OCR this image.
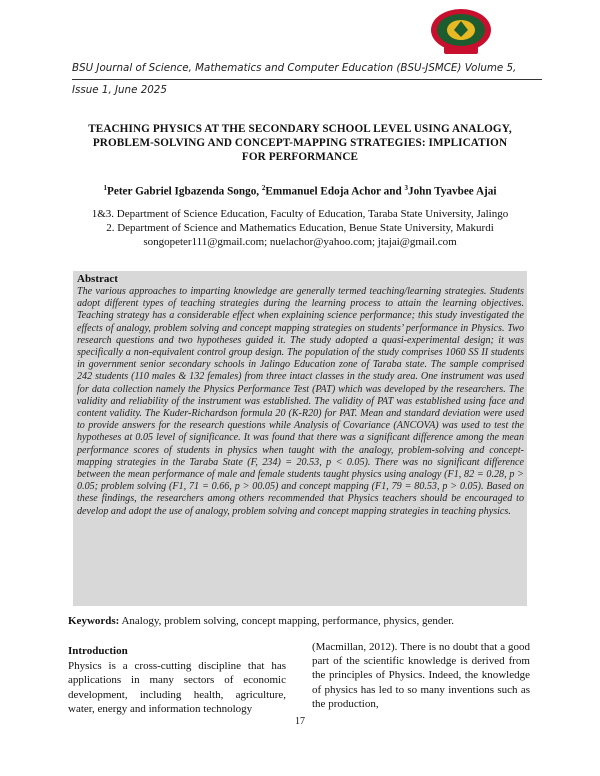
BSU Journal of Science, Mathematics and Computer Education (BSU-JSMCE) Volume 5,
Issue 1, June 2025
TEACHING PHYSICS AT THE SECONDARY SCHOOL LEVEL USING ANALOGY, PROBLEM-SOLVING AND CONCEPT-MAPPING STRATEGIES: IMPLICATION FOR PERFORMANCE
$^1$Peter Gabriel Igbazenda Songo, $^2$Emmanuel Edoja Achor and $^3$John Tyavbee Ajai
1&3. Department of Science Education, Faculty of Education, Taraba State University, Jalingo
2. Department of Science and Mathematics Education, Benue State University, Makurdi
songopeter111@gmail.com; nuelachor@yahoo.com; jtajai@gmail.com
Abstract

The various approaches to imparting knowledge are generally termed teaching/learning strategies. Students adopt different types of teaching strategies during the learning process to attain the learning objectives. Teaching strategy has a considerable effect when explaining science performance; this study investigated the effects of analogy, problem solving and concept mapping strategies on students’ performance in Physics. Two research questions and two hypotheses guided it. The study adopted a quasi-experimental design; it was specifically a non-equivalent control group design. The population of the study comprises 1060 SS II students in government senior secondary schools in Jalingo Education zone of Taraba state. The sample comprised 242 students (110 males & 132 females) from three intact classes in the study area. One instrument was used for data collection namely the Physics Performance Test (PAT) which was developed by the researchers. The validity and reliability of the instrument was established. The validity of PAT was established using face and content validity. The Kuder-Richardson formula 20 (K-R20) for PAT. Mean and standard deviation were used to provide answers for the research questions while Analysis of Covariance (ANCOVA) was used to test the hypotheses at 0.05 level of significance. It was found that there was a significant difference among the mean performance scores of students in physics when taught with the analogy, problem-solving and concept-mapping strategies in the Taraba State (F, 234) = 20.53, p < 0.05). There was no significant difference between the mean performance of male and female students taught physics using analogy (F1, 82 = 0.28, p > 0.05; problem solving (F1, 71 = 0.66, p > 00.05) and concept mapping (F1, 79 = 80.53, p > 0.05). Based on these findings, the researchers among others recommended that Physics teachers should be encouraged to develop and adopt the use of analogy, problem solving and concept mapping strategies in teaching physics.

Keywords: Analogy, problem solving, concept mapping, performance, physics, gender.
Introduction

Physics is a cross-cutting discipline that has applications in many sectors of economic development, including health, agriculture, water, energy and information technology

(Macmillan, 2012). There is no doubt that a good part of the scientific knowledge is derived from the principles of Physics. Indeed, the knowledge of physics has led to so many inventions such as the production,

17
